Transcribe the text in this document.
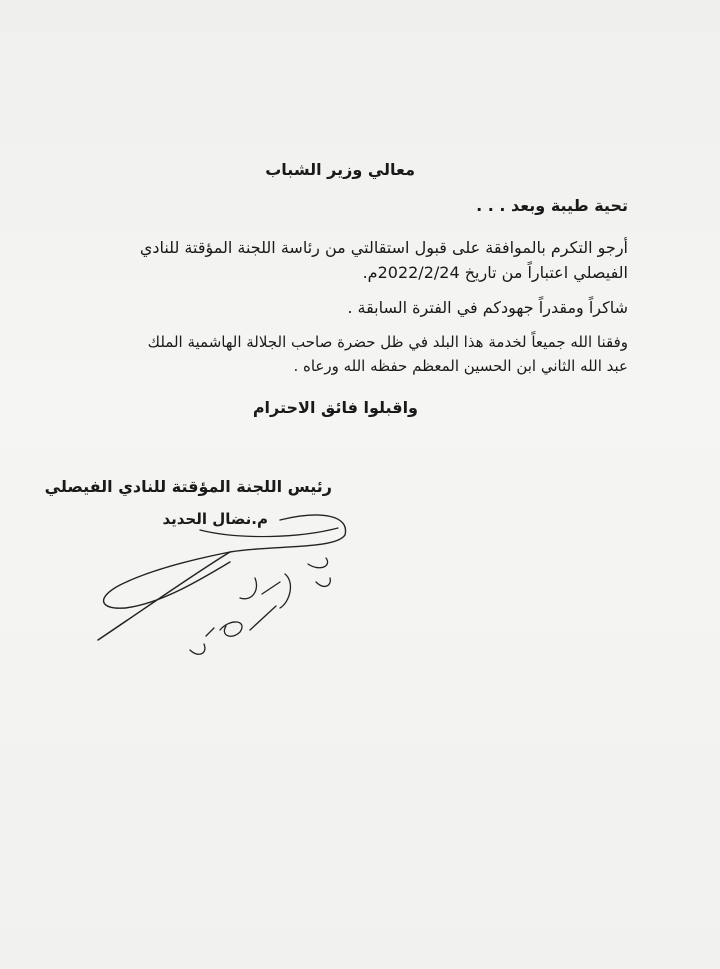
معالي وزير الشباب
تحية طيبة وبعد . . .
أرجو التكرم بالموافقة على قبول استقالتي من رئاسة اللجنة المؤقتة للنادي
الفيصلي اعتباراً من تاريخ 2022/2/24م.
شاكراً ومقدراً جهودكم في الفترة السابقة .
وفقنا الله جميعاً لخدمة هذا البلد في ظل حضرة صاحب الجلالة الهاشمية الملك
عبد الله الثاني ابن الحسين المعظم حفظه الله ورعاه .
واقبلوا فائق الاحترام
رئيس اللجنة المؤقتة للنادي الفيصلي
م.نضال الحديد
